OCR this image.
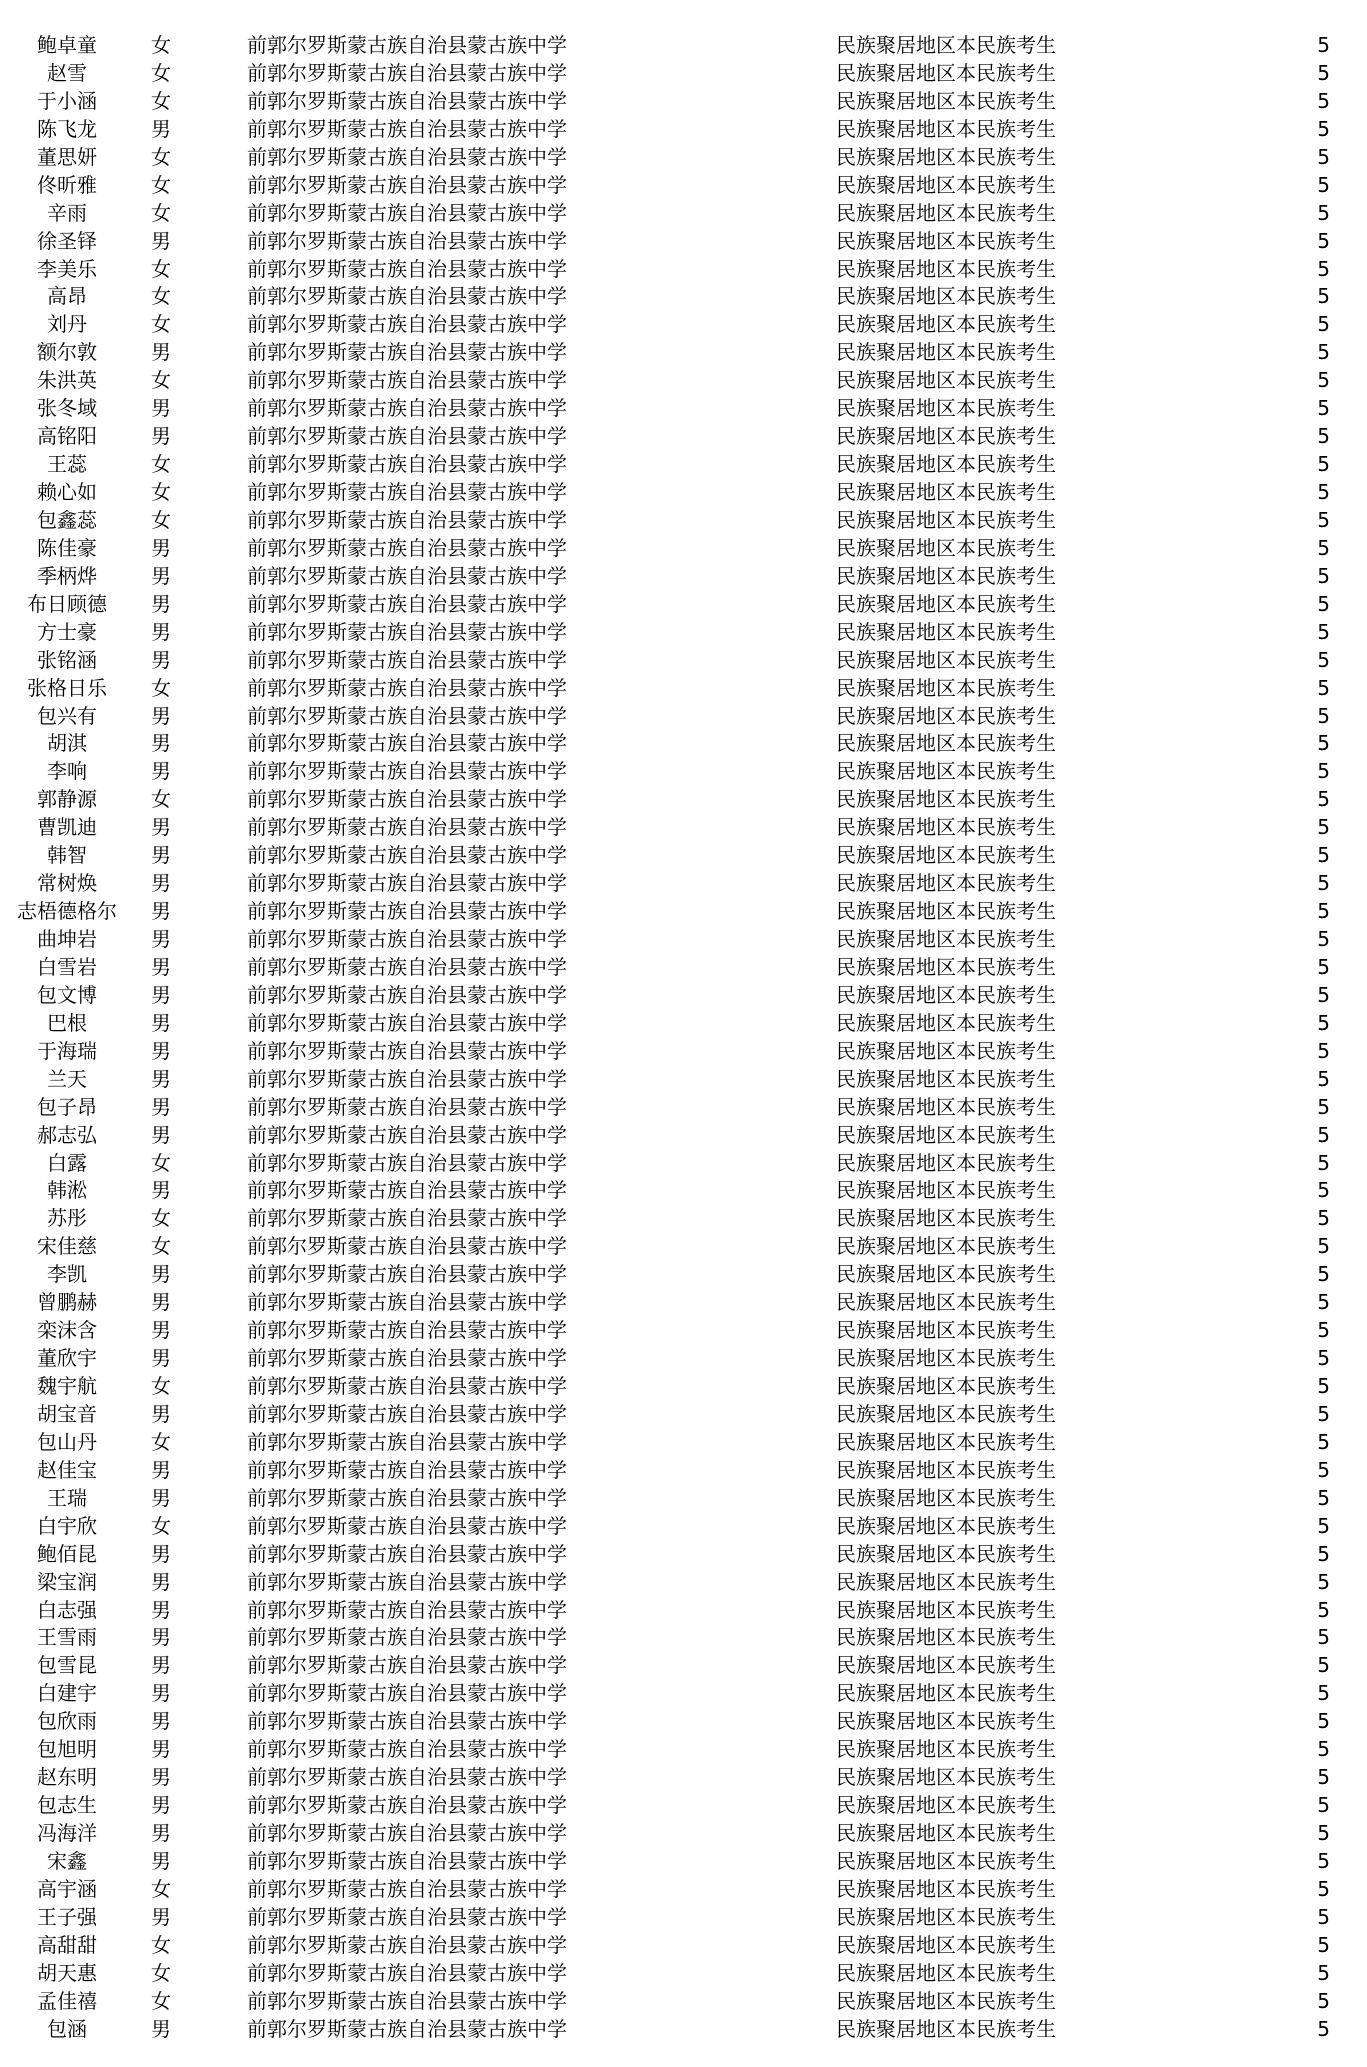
鲍卓童	女	前郭尔罗斯蒙古族自治县蒙古族中学	民族聚居地区本民族考生	5
赵雪	女	前郭尔罗斯蒙古族自治县蒙古族中学	民族聚居地区本民族考生	5
于小涵	女	前郭尔罗斯蒙古族自治县蒙古族中学	民族聚居地区本民族考生	5
陈飞龙	男	前郭尔罗斯蒙古族自治县蒙古族中学	民族聚居地区本民族考生	5
董思妍	女	前郭尔罗斯蒙古族自治县蒙古族中学	民族聚居地区本民族考生	5
佟昕雅	女	前郭尔罗斯蒙古族自治县蒙古族中学	民族聚居地区本民族考生	5
辛雨	女	前郭尔罗斯蒙古族自治县蒙古族中学	民族聚居地区本民族考生	5
徐圣铎	男	前郭尔罗斯蒙古族自治县蒙古族中学	民族聚居地区本民族考生	5
李美乐	女	前郭尔罗斯蒙古族自治县蒙古族中学	民族聚居地区本民族考生	5
高昂	女	前郭尔罗斯蒙古族自治县蒙古族中学	民族聚居地区本民族考生	5
刘丹	女	前郭尔罗斯蒙古族自治县蒙古族中学	民族聚居地区本民族考生	5
额尔敦	男	前郭尔罗斯蒙古族自治县蒙古族中学	民族聚居地区本民族考生	5
朱洪英	女	前郭尔罗斯蒙古族自治县蒙古族中学	民族聚居地区本民族考生	5
张冬域	男	前郭尔罗斯蒙古族自治县蒙古族中学	民族聚居地区本民族考生	5
高铭阳	男	前郭尔罗斯蒙古族自治县蒙古族中学	民族聚居地区本民族考生	5
王蕊	女	前郭尔罗斯蒙古族自治县蒙古族中学	民族聚居地区本民族考生	5
赖心如	女	前郭尔罗斯蒙古族自治县蒙古族中学	民族聚居地区本民族考生	5
包鑫蕊	女	前郭尔罗斯蒙古族自治县蒙古族中学	民族聚居地区本民族考生	5
陈佳豪	男	前郭尔罗斯蒙古族自治县蒙古族中学	民族聚居地区本民族考生	5
季柄烨	男	前郭尔罗斯蒙古族自治县蒙古族中学	民族聚居地区本民族考生	5
布日顾德	男	前郭尔罗斯蒙古族自治县蒙古族中学	民族聚居地区本民族考生	5
方士豪	男	前郭尔罗斯蒙古族自治县蒙古族中学	民族聚居地区本民族考生	5
张铭涵	男	前郭尔罗斯蒙古族自治县蒙古族中学	民族聚居地区本民族考生	5
张格日乐	女	前郭尔罗斯蒙古族自治县蒙古族中学	民族聚居地区本民族考生	5
包兴有	男	前郭尔罗斯蒙古族自治县蒙古族中学	民族聚居地区本民族考生	5
胡淇	男	前郭尔罗斯蒙古族自治县蒙古族中学	民族聚居地区本民族考生	5
李响	男	前郭尔罗斯蒙古族自治县蒙古族中学	民族聚居地区本民族考生	5
郭静源	女	前郭尔罗斯蒙古族自治县蒙古族中学	民族聚居地区本民族考生	5
曹凯迪	男	前郭尔罗斯蒙古族自治县蒙古族中学	民族聚居地区本民族考生	5
韩智	男	前郭尔罗斯蒙古族自治县蒙古族中学	民族聚居地区本民族考生	5
常树焕	男	前郭尔罗斯蒙古族自治县蒙古族中学	民族聚居地区本民族考生	5
志梧德格尔 男	前郭尔罗斯蒙古族自治县蒙古族中学	民族聚居地区本民族考生	5
曲坤岩	男	前郭尔罗斯蒙古族自治县蒙古族中学	民族聚居地区本民族考生	5
白雪岩	男	前郭尔罗斯蒙古族自治县蒙古族中学	民族聚居地区本民族考生	5
包文博	男	前郭尔罗斯蒙古族自治县蒙古族中学	民族聚居地区本民族考生	5
巴根	男	前郭尔罗斯蒙古族自治县蒙古族中学	民族聚居地区本民族考生	5
于海瑞	男	前郭尔罗斯蒙古族自治县蒙古族中学	民族聚居地区本民族考生	5
兰天	男	前郭尔罗斯蒙古族自治县蒙古族中学	民族聚居地区本民族考生	5
包子昂	男	前郭尔罗斯蒙古族自治县蒙古族中学	民族聚居地区本民族考生	5
郝志弘	男	前郭尔罗斯蒙古族自治县蒙古族中学	民族聚居地区本民族考生	5
白露	女	前郭尔罗斯蒙古族自治县蒙古族中学	民族聚居地区本民族考生	5
韩淞	男	前郭尔罗斯蒙古族自治县蒙古族中学	民族聚居地区本民族考生	5
苏彤	女	前郭尔罗斯蒙古族自治县蒙古族中学	民族聚居地区本民族考生	5
宋佳慈	女	前郭尔罗斯蒙古族自治县蒙古族中学	民族聚居地区本民族考生	5
李凯	男	前郭尔罗斯蒙古族自治县蒙古族中学	民族聚居地区本民族考生	5
曾鹏赫	男	前郭尔罗斯蒙古族自治县蒙古族中学	民族聚居地区本民族考生	5
栾沫含	男	前郭尔罗斯蒙古族自治县蒙古族中学	民族聚居地区本民族考生	5
董欣宇	男	前郭尔罗斯蒙古族自治县蒙古族中学	民族聚居地区本民族考生	5
魏宇航	女	前郭尔罗斯蒙古族自治县蒙古族中学	民族聚居地区本民族考生	5
胡宝音	男	前郭尔罗斯蒙古族自治县蒙古族中学	民族聚居地区本民族考生	5
包山丹	女	前郭尔罗斯蒙古族自治县蒙古族中学	民族聚居地区本民族考生	5
赵佳宝	男	前郭尔罗斯蒙古族自治县蒙古族中学	民族聚居地区本民族考生	5
王瑞	男	前郭尔罗斯蒙古族自治县蒙古族中学	民族聚居地区本民族考生	5
白宇欣	女	前郭尔罗斯蒙古族自治县蒙古族中学	民族聚居地区本民族考生	5
鲍佰昆	男	前郭尔罗斯蒙古族自治县蒙古族中学	民族聚居地区本民族考生	5
梁宝润	男	前郭尔罗斯蒙古族自治县蒙古族中学	民族聚居地区本民族考生	5
白志强	男	前郭尔罗斯蒙古族自治县蒙古族中学	民族聚居地区本民族考生	5
王雪雨	男	前郭尔罗斯蒙古族自治县蒙古族中学	民族聚居地区本民族考生	5
包雪昆	男	前郭尔罗斯蒙古族自治县蒙古族中学	民族聚居地区本民族考生	5
白建宇	男	前郭尔罗斯蒙古族自治县蒙古族中学	民族聚居地区本民族考生	5
包欣雨	男	前郭尔罗斯蒙古族自治县蒙古族中学	民族聚居地区本民族考生	5
包旭明	男	前郭尔罗斯蒙古族自治县蒙古族中学	民族聚居地区本民族考生	5
赵东明	男	前郭尔罗斯蒙古族自治县蒙古族中学	民族聚居地区本民族考生	5
包志生	男	前郭尔罗斯蒙古族自治县蒙古族中学	民族聚居地区本民族考生	5
冯海洋	男	前郭尔罗斯蒙古族自治县蒙古族中学	民族聚居地区本民族考生	5
宋鑫	男	前郭尔罗斯蒙古族自治县蒙古族中学	民族聚居地区本民族考生	5
高宇涵	女	前郭尔罗斯蒙古族自治县蒙古族中学	民族聚居地区本民族考生	5
王子强	男	前郭尔罗斯蒙古族自治县蒙古族中学	民族聚居地区本民族考生	5
高甜甜	女	前郭尔罗斯蒙古族自治县蒙古族中学	民族聚居地区本民族考生	5
胡天惠	女	前郭尔罗斯蒙古族自治县蒙古族中学	民族聚居地区本民族考生	5
孟佳禧	女	前郭尔罗斯蒙古族自治县蒙古族中学	民族聚居地区本民族考生	5
包涵	男	前郭尔罗斯蒙古族自治县蒙古族中学	民族聚居地区本民族考生	5
